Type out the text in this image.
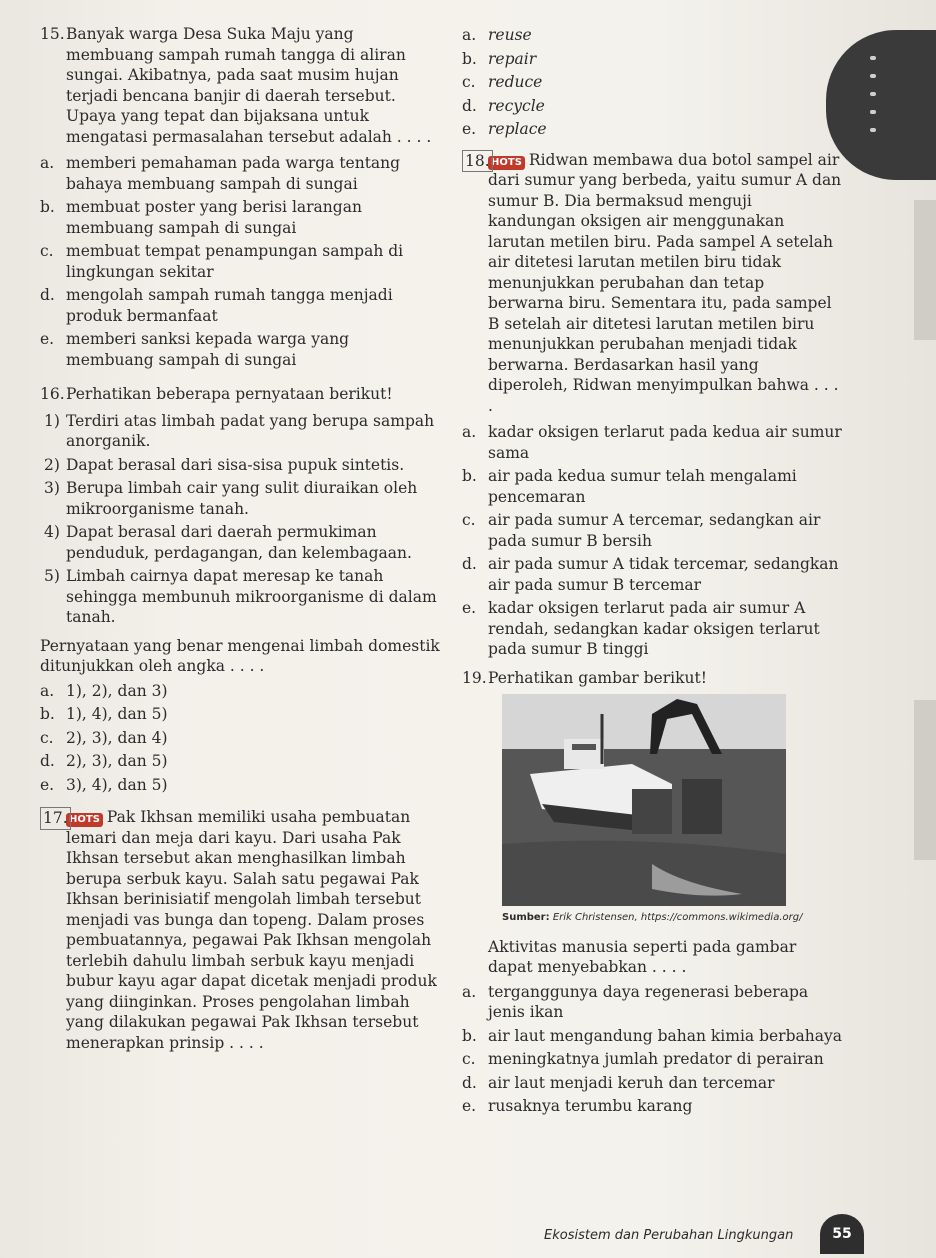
15. Banyak warga Desa Suka Maju yang membuang sampah rumah tangga di aliran sungai. Akibatnya, pada saat musim hujan terjadi bencana banjir di daerah tersebut. Upaya yang tepat dan bijaksana untuk mengatasi permasalahan tersebut adalah . . . .
a. memberi pemahaman pada warga tentang bahaya membuang sampah di sungai
b. membuat poster yang berisi larangan membuang sampah di sungai
c. membuat tempat penampungan sampah di lingkungan sekitar
d. mengolah sampah rumah tangga menjadi produk bermanfaat
e. memberi sanksi kepada warga yang membuang sampah di sungai
16. Perhatikan beberapa pernyataan berikut!
1) Terdiri atas limbah padat yang berupa sampah anorganik.
2) Dapat berasal dari sisa-sisa pupuk sintetis.
3) Berupa limbah cair yang sulit diuraikan oleh mikroorganisme tanah.
4) Dapat berasal dari daerah permukiman penduduk, perdagangan, dan kelembagaan.
5) Limbah cairnya dapat meresap ke tanah sehingga membunuh mikroorganisme di dalam tanah.
Pernyataan yang benar mengenai limbah domestik ditunjukkan oleh angka . . . .
a. 1), 2), dan 3)
b. 1), 4), dan 5)
c. 2), 3), dan 4)
d. 2), 3), dan 5)
e. 3), 4), dan 5)
17. HOTS Pak Ikhsan memiliki usaha pembuatan lemari dan meja dari kayu. Dari usaha Pak Ikhsan tersebut akan menghasilkan limbah berupa serbuk kayu. Salah satu pegawai Pak Ikhsan berinisiatif mengolah limbah tersebut menjadi vas bunga dan topeng. Dalam proses pembuatannya, pegawai Pak Ikhsan mengolah terlebih dahulu limbah serbuk kayu menjadi bubur kayu agar dapat dicetak menjadi produk yang diinginkan. Proses pengolahan limbah yang dilakukan pegawai Pak Ikhsan tersebut menerapkan prinsip . . . .
a. reuse
b. repair
c. reduce
d. recycle
e. replace
18. HOTS Ridwan membawa dua botol sampel air dari sumur yang berbeda, yaitu sumur A dan sumur B. Dia bermaksud menguji kandungan oksigen air menggunakan larutan metilen biru. Pada sampel A setelah air ditetesi larutan metilen biru tidak menunjukkan perubahan dan tetap berwarna biru. Sementara itu, pada sampel B setelah air ditetesi larutan metilen biru menunjukkan perubahan menjadi tidak berwarna. Berdasarkan hasil yang diperoleh, Ridwan menyimpulkan bahwa . . . .
a. kadar oksigen terlarut pada kedua air sumur sama
b. air pada kedua sumur telah mengalami pencemaran
c. air pada sumur A tercemar, sedangkan air pada sumur B bersih
d. air pada sumur A tidak tercemar, sedangkan air pada sumur B tercemar
e. kadar oksigen terlarut pada air sumur A rendah, sedangkan kadar oksigen terlarut pada sumur B tinggi
19. Perhatikan gambar berikut!
Sumber: Erik Christensen, https://commons.wikimedia.org/
Aktivitas manusia seperti pada gambar dapat menyebabkan . . . .
a. terganggunya daya regenerasi beberapa jenis ikan
b. air laut mengandung bahan kimia berbahaya
c. meningkatnya jumlah predator di perairan
d. air laut menjadi keruh dan tercemar
e. rusaknya terumbu karang
Ekosistem dan Perubahan Lingkungan	55
